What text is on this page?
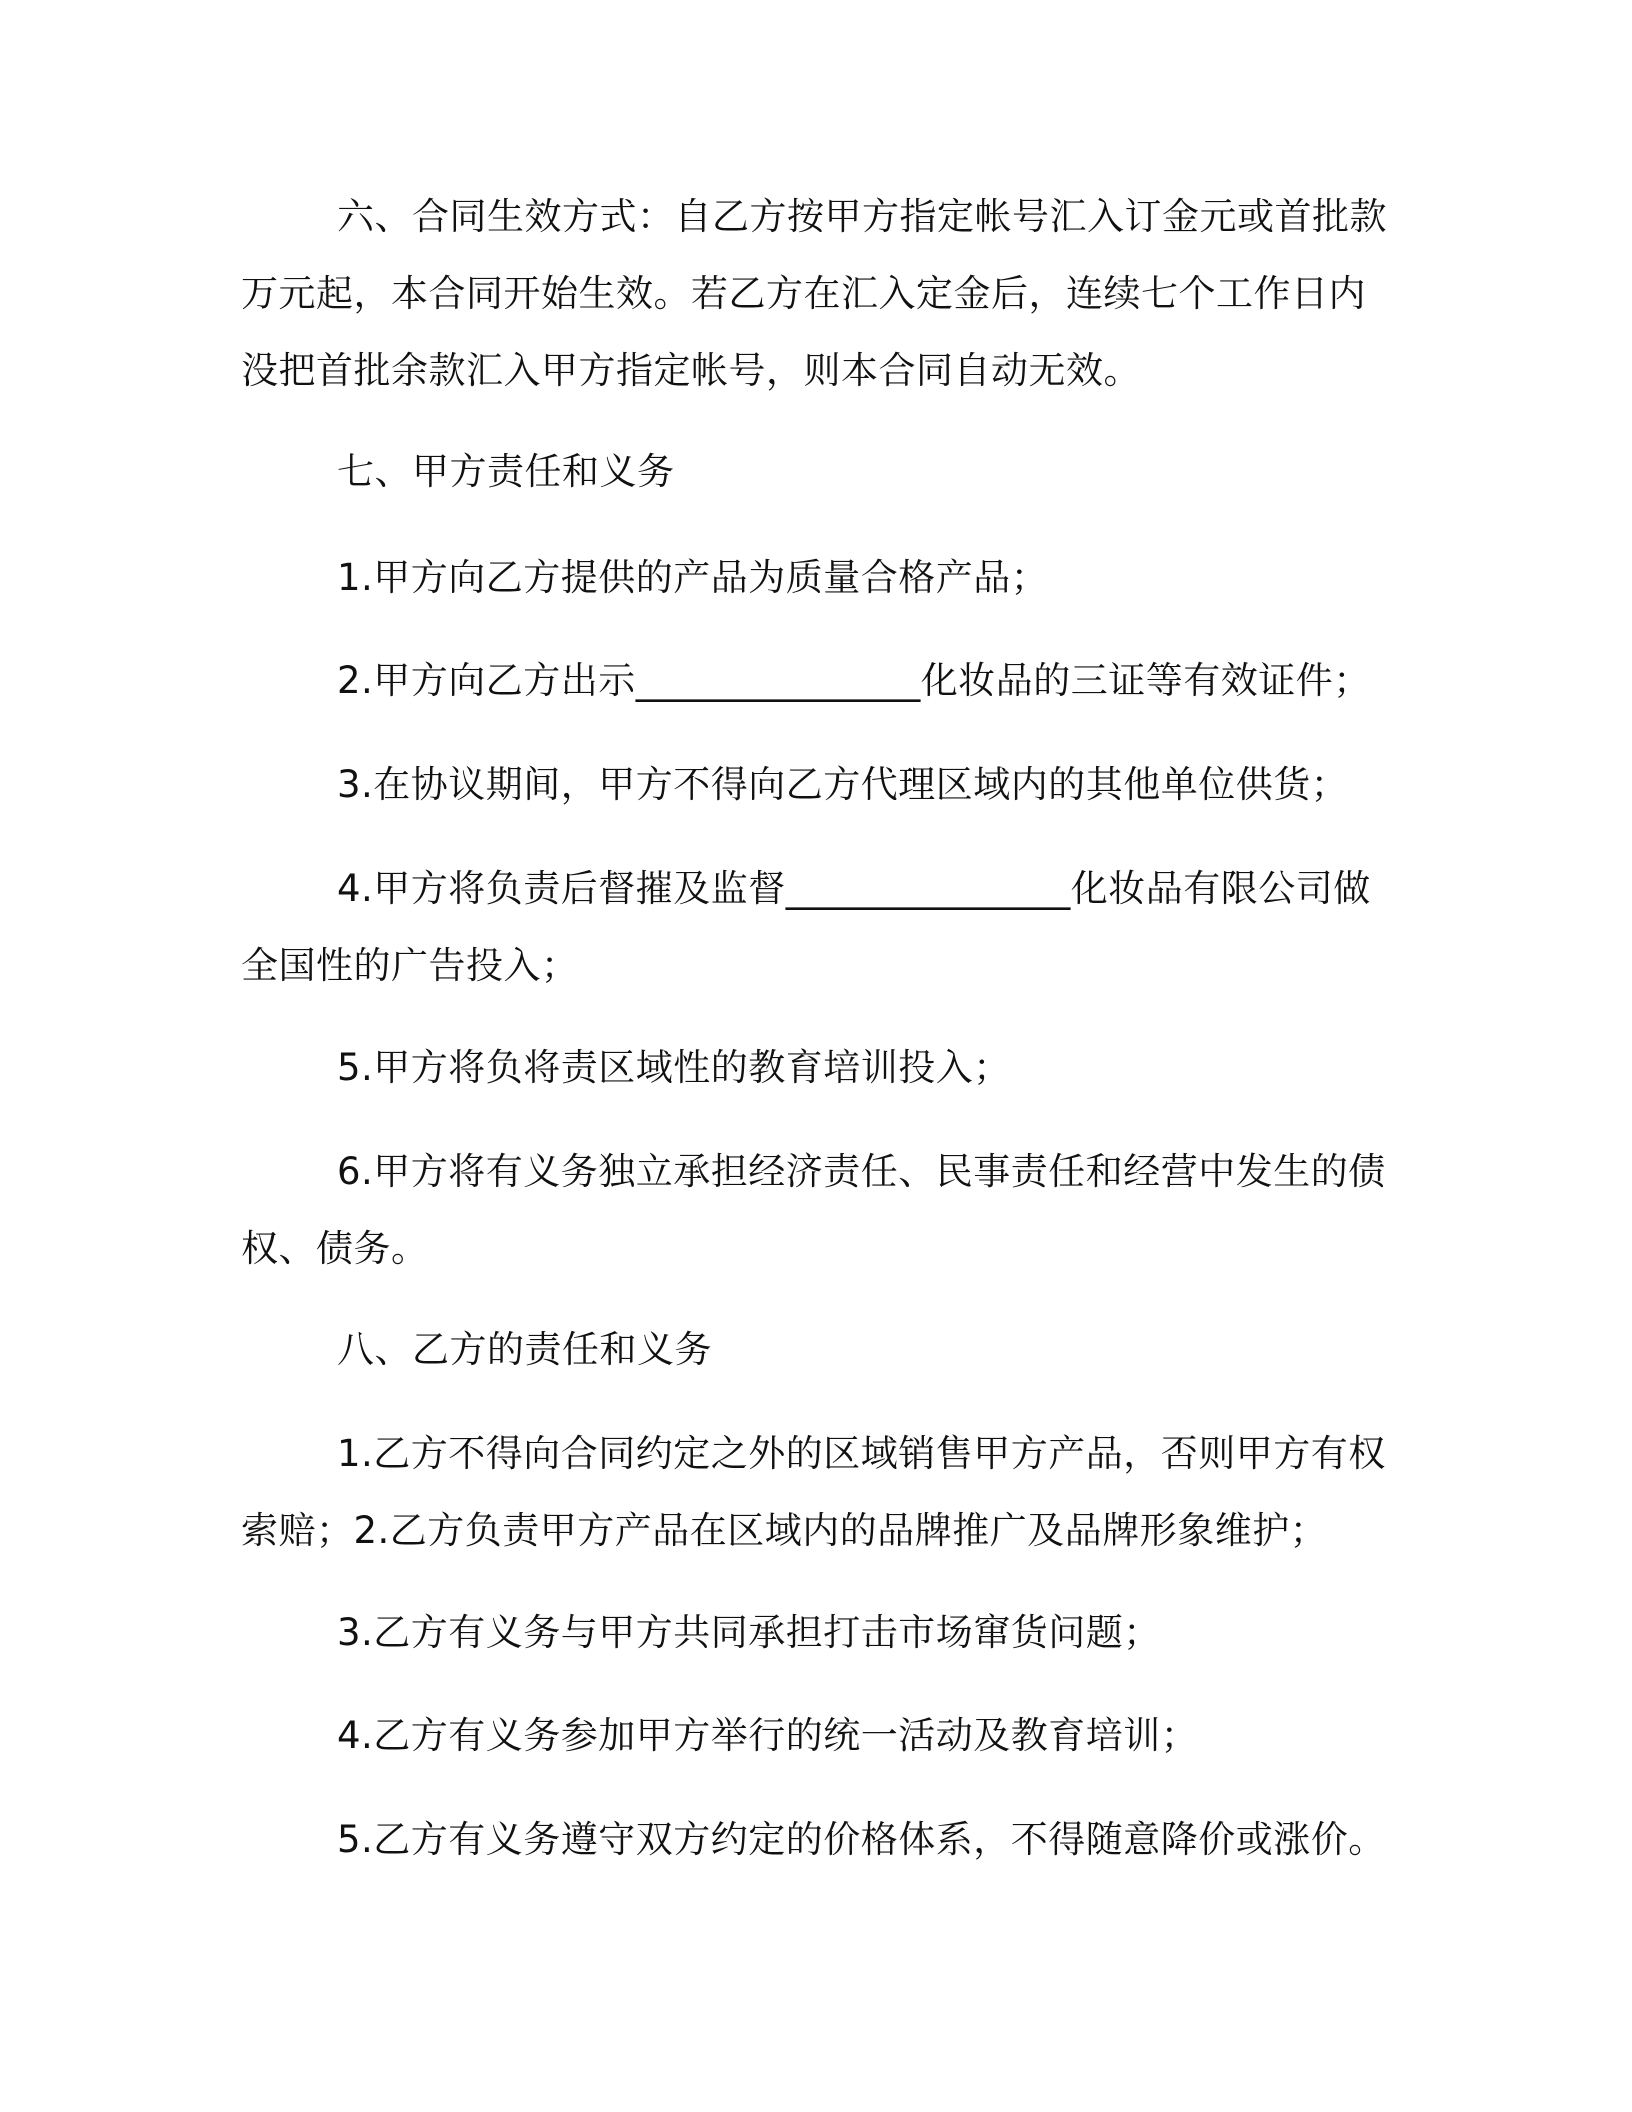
六、合同生效方式：自乙方按甲方指定帐号汇入订金元或首批款
万元起，本合同开始生效。若乙方在汇入定金后，连续七个工作日内
没把首批余款汇入甲方指定帐号，则本合同自动无效。

七、甲方责任和义务

1.甲方向乙方提供的产品为质量合格产品；

2.甲方向乙方出示_______________化妆品的三证等有效证件；

3.在协议期间，甲方不得向乙方代理区域内的其他单位供货；

4.甲方将负责后督摧及监督_______________化妆品有限公司做
全国性的广告投入；

5.甲方将负将责区域性的教育培训投入；

6.甲方将有义务独立承担经济责任、民事责任和经营中发生的债
权、债务。

八、乙方的责任和义务

1.乙方不得向合同约定之外的区域销售甲方产品，否则甲方有权
索赔；2.乙方负责甲方产品在区域内的品牌推广及品牌形象维护；

3.乙方有义务与甲方共同承担打击市场窜货问题；

4.乙方有义务参加甲方举行的统一活动及教育培训；

5.乙方有义务遵守双方约定的价格体系，不得随意降价或涨价。
